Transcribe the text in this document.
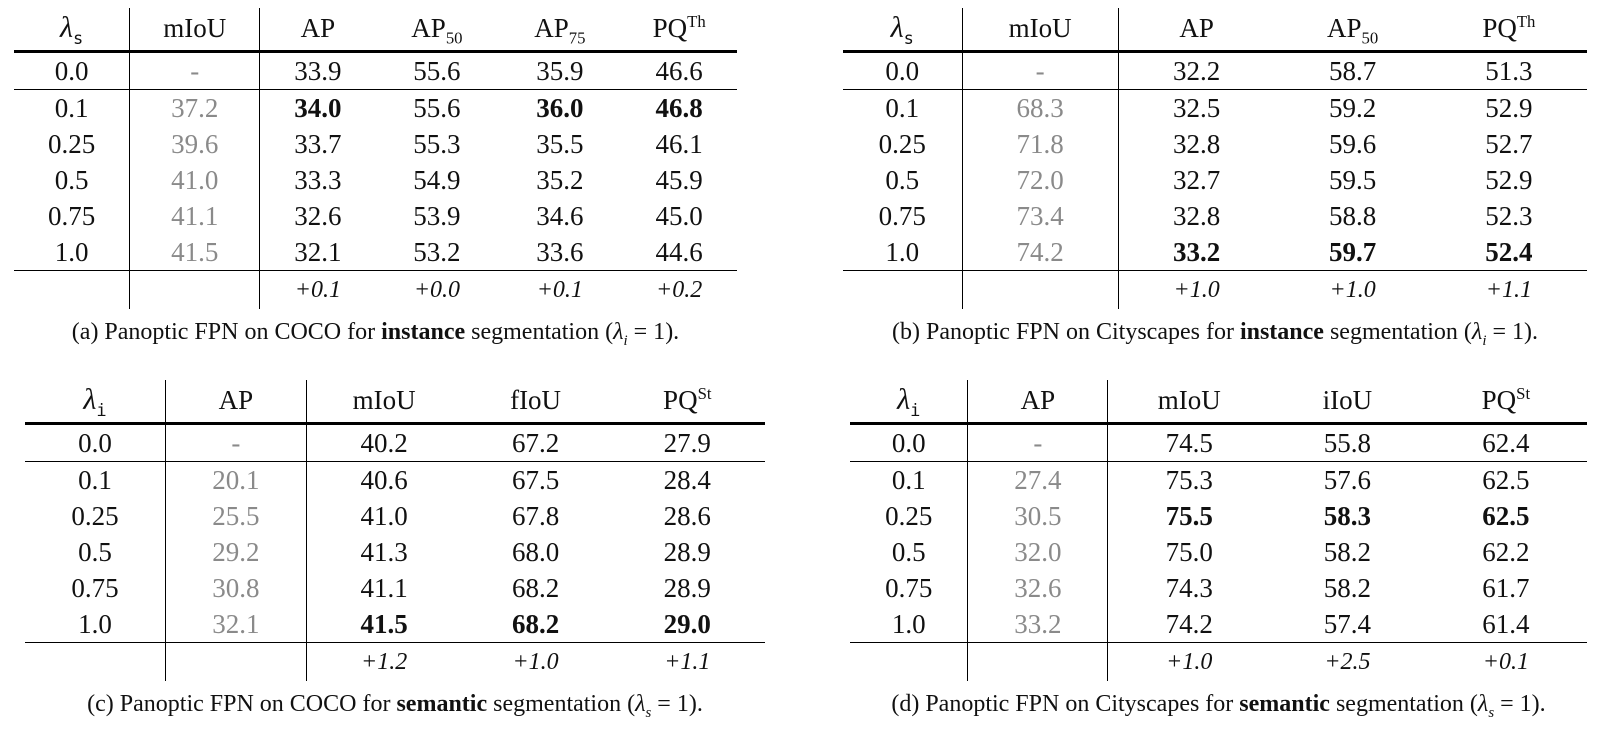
$\lambda_s$	mIoU	AP	$AP_{50}$	$AP_{75}$	$PQ^{Th}$
0.0	-	33.9	55.6	35.9	46.6
0.1	37.2	34.0	55.6	36.0	46.8
0.25	39.6	33.7	55.3	35.5	46.1
0.5	41.0	33.3	54.9	35.2	45.9
0.75	41.1	32.6	53.9	34.6	45.0
1.0	41.5	32.1	53.2	33.6	44.6
		+0.1	+0.0	+0.1	+0.2
(a) Panoptic FPN on COCO for instance segmentation $(\lambda_i = 1)$.
$\lambda_s$	mIoU	AP	$AP_{50}$	$PQ^{Th}$
0.0	-	32.2	58.7	51.3
0.1	68.3	32.5	59.2	52.9
0.25	71.8	32.8	59.6	52.7
0.5	72.0	32.7	59.5	52.9
0.75	73.4	32.8	58.8	52.3
1.0	74.2	33.2	59.7	52.4
		+1.0	+1.0	+1.1
(b) Panoptic FPN on Cityscapes for instance segmentation $(\lambda_i = 1)$.
$\lambda_i$	AP	mIoU	fIoU	$PQ^{St}$
0.0	-	40.2	67.2	27.9
0.1	20.1	40.6	67.5	28.4
0.25	25.5	41.0	67.8	28.6
0.5	29.2	41.3	68.0	28.9
0.75	30.8	41.1	68.2	28.9
1.0	32.1	41.5	68.2	29.0
		+1.2	+1.0	+1.1
(c) Panoptic FPN on COCO for semantic segmentation $(\lambda_s = 1)$.
$\lambda_i$	AP	mIoU	iIoU	$PQ^{St}$
0.0	-	74.5	55.8	62.4
0.1	27.4	75.3	57.6	62.5
0.25	30.5	75.5	58.3	62.5
0.5	32.0	75.0	58.2	62.2
0.75	32.6	74.3	58.2	61.7
1.0	33.2	74.2	57.4	61.4
		+1.0	+2.5	+0.1
(d) Panoptic FPN on Cityscapes for semantic segmentation $(\lambda_s = 1)$.
